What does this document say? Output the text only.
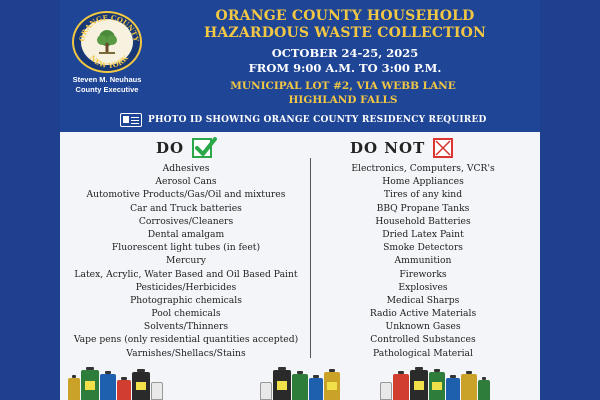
ORANGE COUNTY
NEW YORK
Steven M. Neuhaus
County Executive
ORANGE COUNTY HOUSEHOLD
HAZARDOUS WASTE COLLECTION
OCTOBER 24-25, 2025
FROM 9:00 A.M. TO 3:00 P.M.
MUNICIPAL LOT #2, VIA WEBB LANE
HIGHLAND FALLS
PHOTO ID SHOWING ORANGE COUNTY RESIDENCY REQUIRED
DO	DO NOT
Adhesives
Aerosol Cans
Automotive Products/Gas/Oil and mixtures
Car and Truck batteries
Corrosives/Cleaners
Dental amalgam
Fluorescent light tubes (in feet)
Mercury
Latex, Acrylic, Water Based and Oil Based Paint
Pesticides/Herbicides
Photographic chemicals
Pool chemicals
Solvents/Thinners
Vape pens (only residential quantities accepted)
Varnishes/Shellacs/Stains
Electronics, Computers, VCR's
Home Appliances
Tires of any kind
BBQ Propane Tanks
Household Batteries
Dried Latex Paint
Smoke Detectors
Ammunition
Fireworks
Explosives
Medical Sharps
Radio Active Materials
Unknown Gases
Controlled Substances
Pathological Material
